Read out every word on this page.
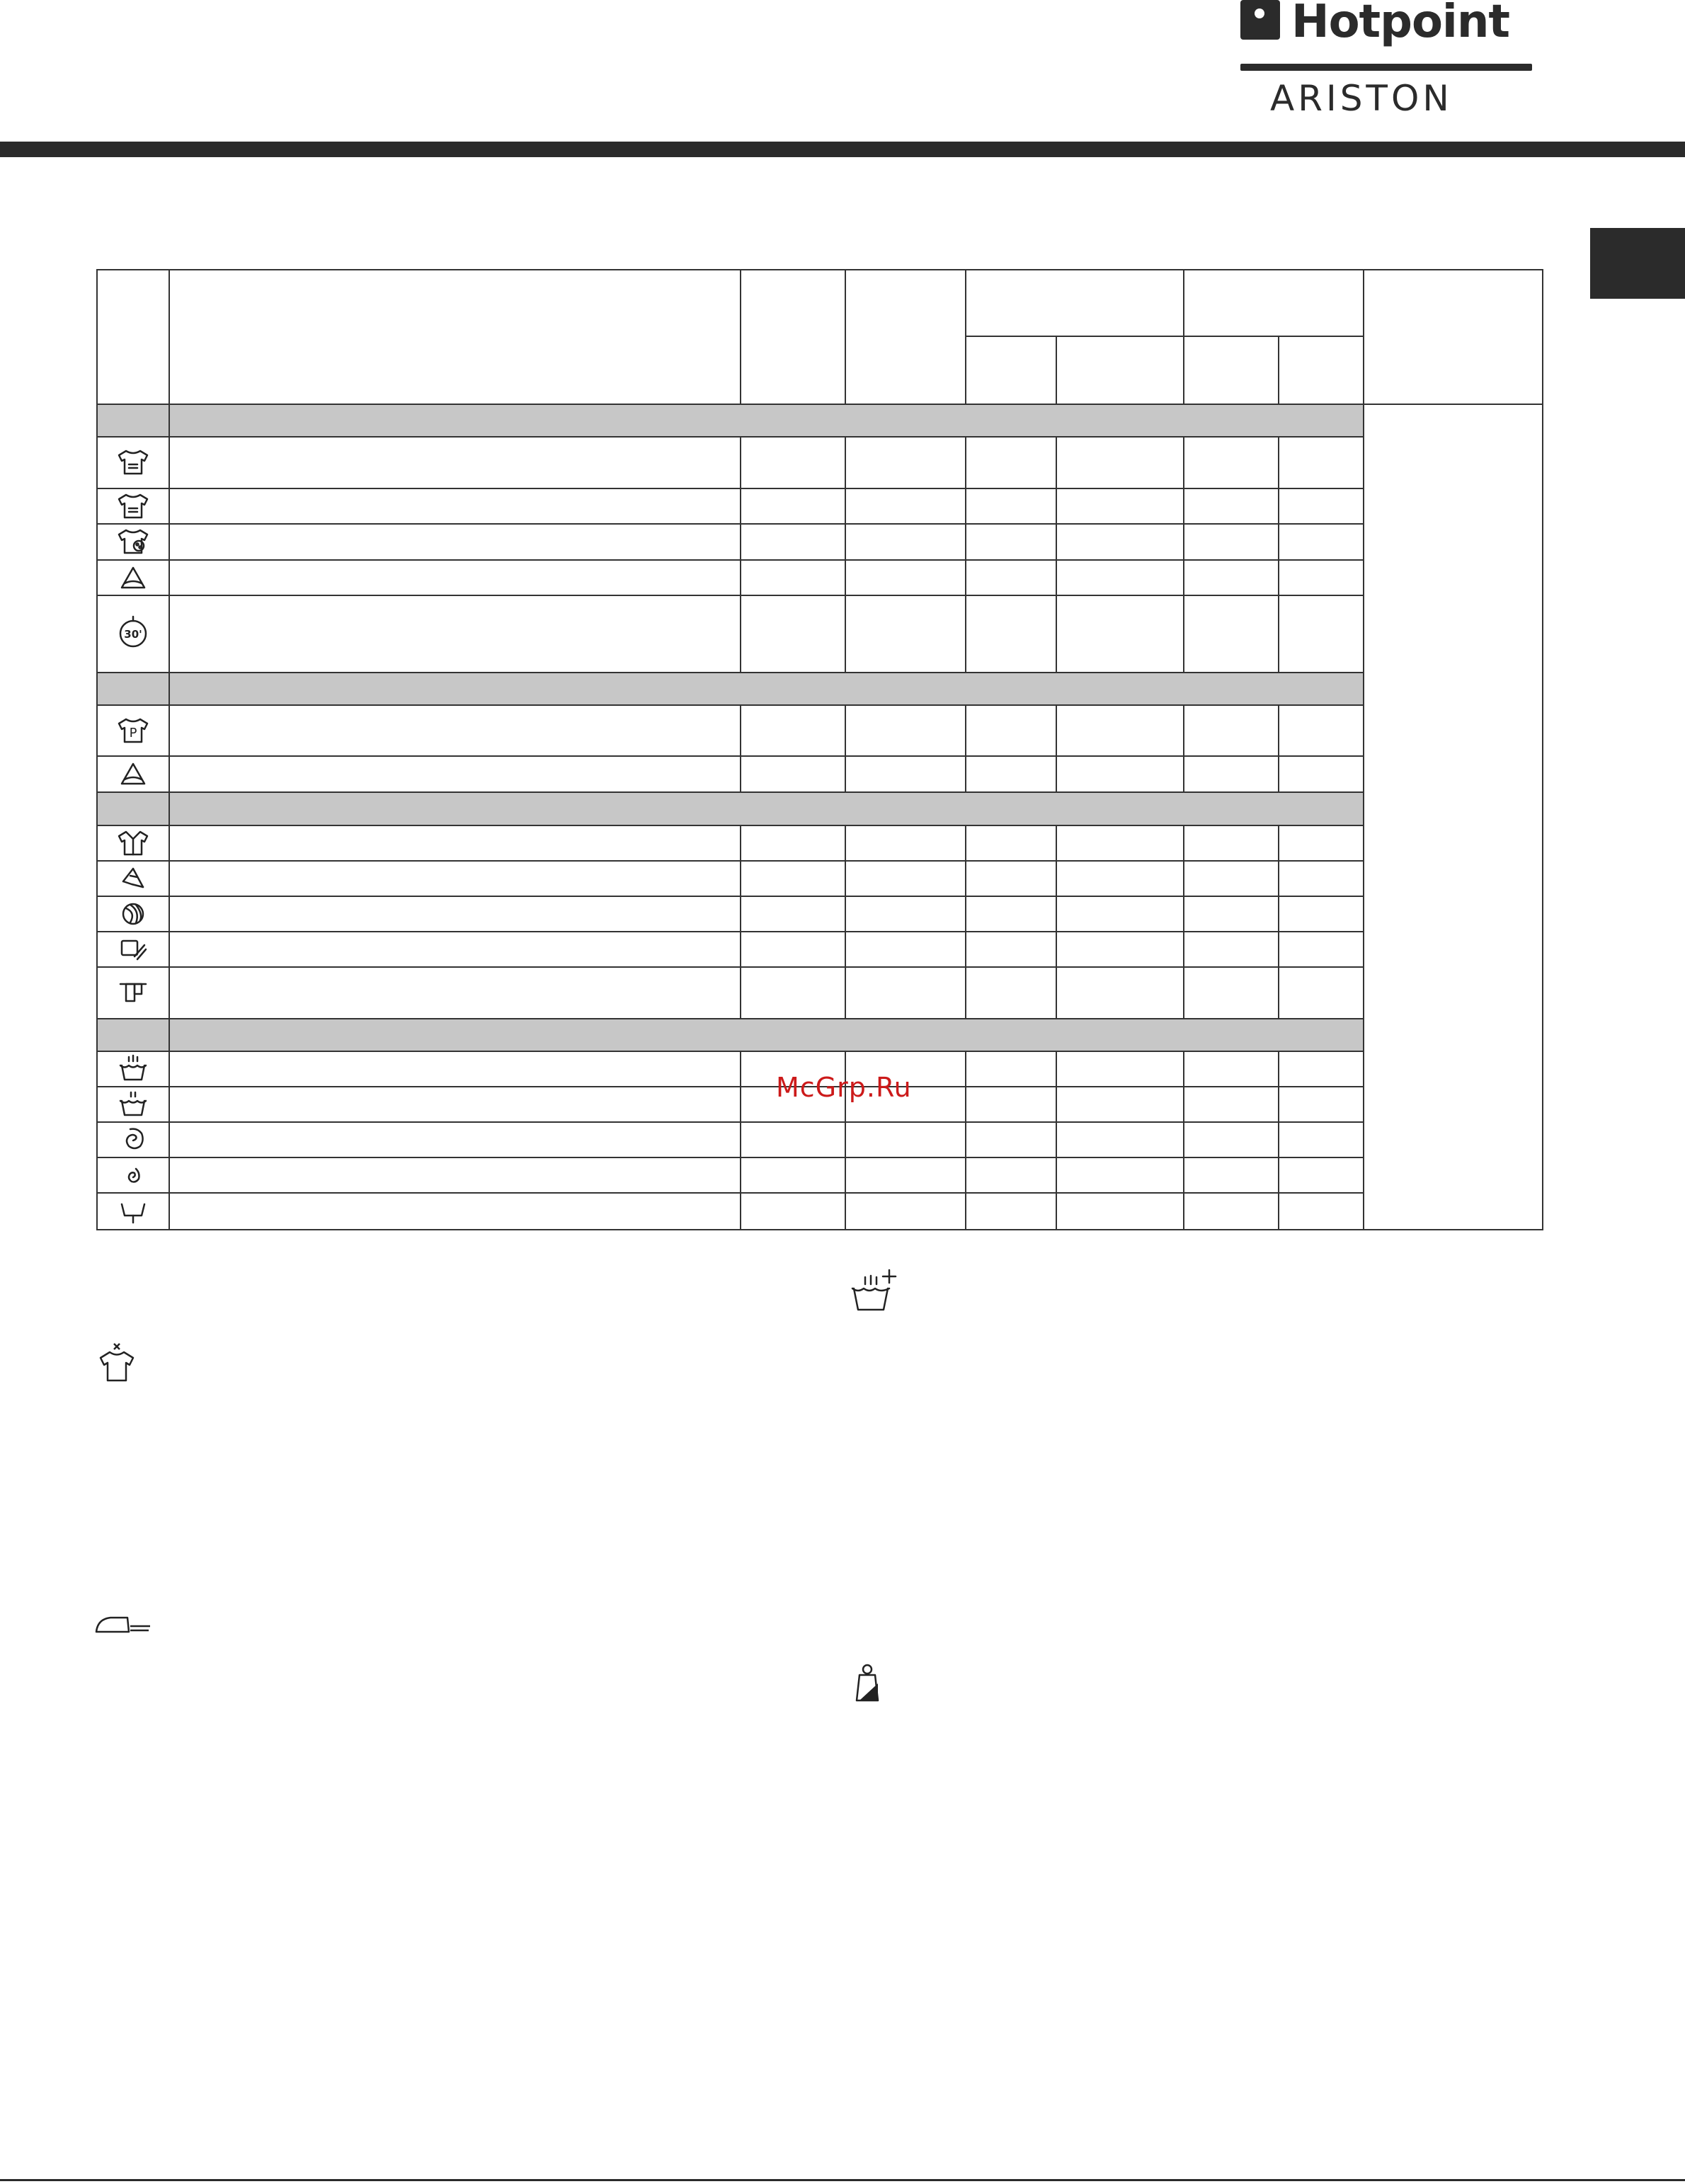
Hotpoint
ARISTON
30'
P
McGrp.Ru
